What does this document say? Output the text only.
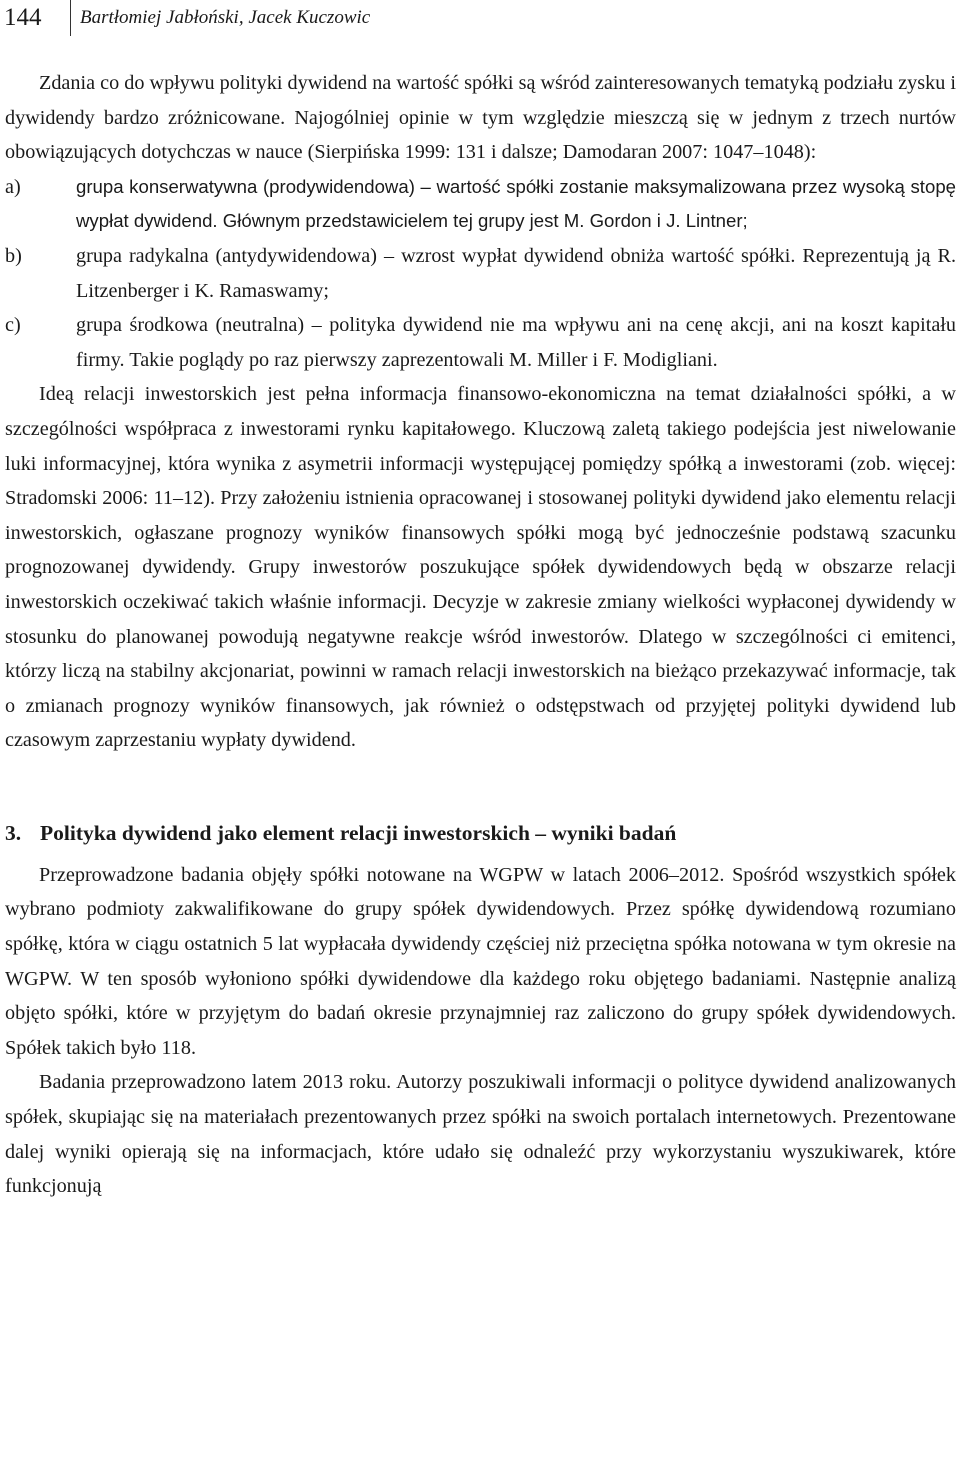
144 Bartłomiej Jabłoński, Jacek Kuczowic

Zdania co do wpływu polityki dywidend na wartość spółki są wśród zainteresowanych tematyką podziału zysku i dywidendy bardzo zróżnicowane. Najogólniej opinie w tym względzie mieszczą się w jednym z trzech nurtów obowiązujących dotychczas w nauce (Sierpińska 1999: 131 i dalsze; Damodaran 2007: 1047–1048):

a)	grupa konserwatywna (prodywidendowa) – wartość spółki zostanie maksymalizowana przez wysoką stopę wypłat dywidend. Głównym przedstawicielem tej grupy jest M. Gordon i J. Lintner;
b)	grupa radykalna (antydywidendowa) – wzrost wypłat dywidend obniża wartość spółki. Reprezentują ją R. Litzenberger i K. Ramaswamy;
c)	grupa środkowa (neutralna) – polityka dywidend nie ma wpływu ani na cenę akcji, ani na koszt kapitału firmy. Takie poglądy po raz pierwszy zaprezentowali M. Miller i F. Modigliani.

Ideą relacji inwestorskich jest pełna informacja finansowo-ekonomiczna na temat działalności spółki, a w szczególności współpraca z inwestorami rynku kapitałowego. Kluczową zaletą takiego podejścia jest niwelowanie luki informacyjnej, która wynika z asymetrii informacji występującej pomiędzy spółką a inwestorami (zob. więcej: Stradomski 2006: 11–12). Przy założeniu istnienia opracowanej i stosowanej polityki dywidend jako elementu relacji inwestorskich, ogłaszane prognozy wyników finansowych spółki mogą być jednocześnie podstawą szacunku prognozowanej dywidendy. Grupy inwestorów poszukujące spółek dywidendowych będą w obszarze relacji inwestorskich oczekiwać takich właśnie informacji. Decyzje w zakresie zmiany wielkości wypłaconej dywidendy w stosunku do planowanej powodują negatywne reakcje wśród inwestorów. Dlatego w szczególności ci emitenci, którzy liczą na stabilny akcjonariat, powinni w ramach relacji inwestorskich na bieżąco przekazywać informacje, tak o zmianach prognozy wyników finansowych, jak również o odstępstwach od przyjętej polityki dywidend lub czasowym zaprzestaniu wypłaty dywidend.

3. Polityka dywidend jako element relacji inwestorskich – wyniki badań

Przeprowadzone badania objęły spółki notowane na WGPW w latach 2006–2012. Spośród wszystkich spółek wybrano podmioty zakwalifikowane do grupy spółek dywidendowych. Przez spółkę dywidendową rozumiano spółkę, która w ciągu ostatnich 5 lat wypłacała dywidendy częściej niż przeciętna spółka notowana w tym okresie na WGPW. W ten sposób wyłoniono spółki dywidendowe dla każdego roku objętego badaniami. Następnie analizą objęto spółki, które w przyjętym do badań okresie przynajmniej raz zaliczono do grupy spółek dywidendowych. Spółek takich było 118.

Badania przeprowadzono latem 2013 roku. Autorzy poszukiwali informacji o polityce dywidend analizowanych spółek, skupiając się na materiałach prezentowanych przez spółki na swoich portalach internetowych. Prezentowane dalej wyniki opierają się na informacjach, które udało się odnaleźć przy wykorzystaniu wyszukiwarek, które funkcjonują
